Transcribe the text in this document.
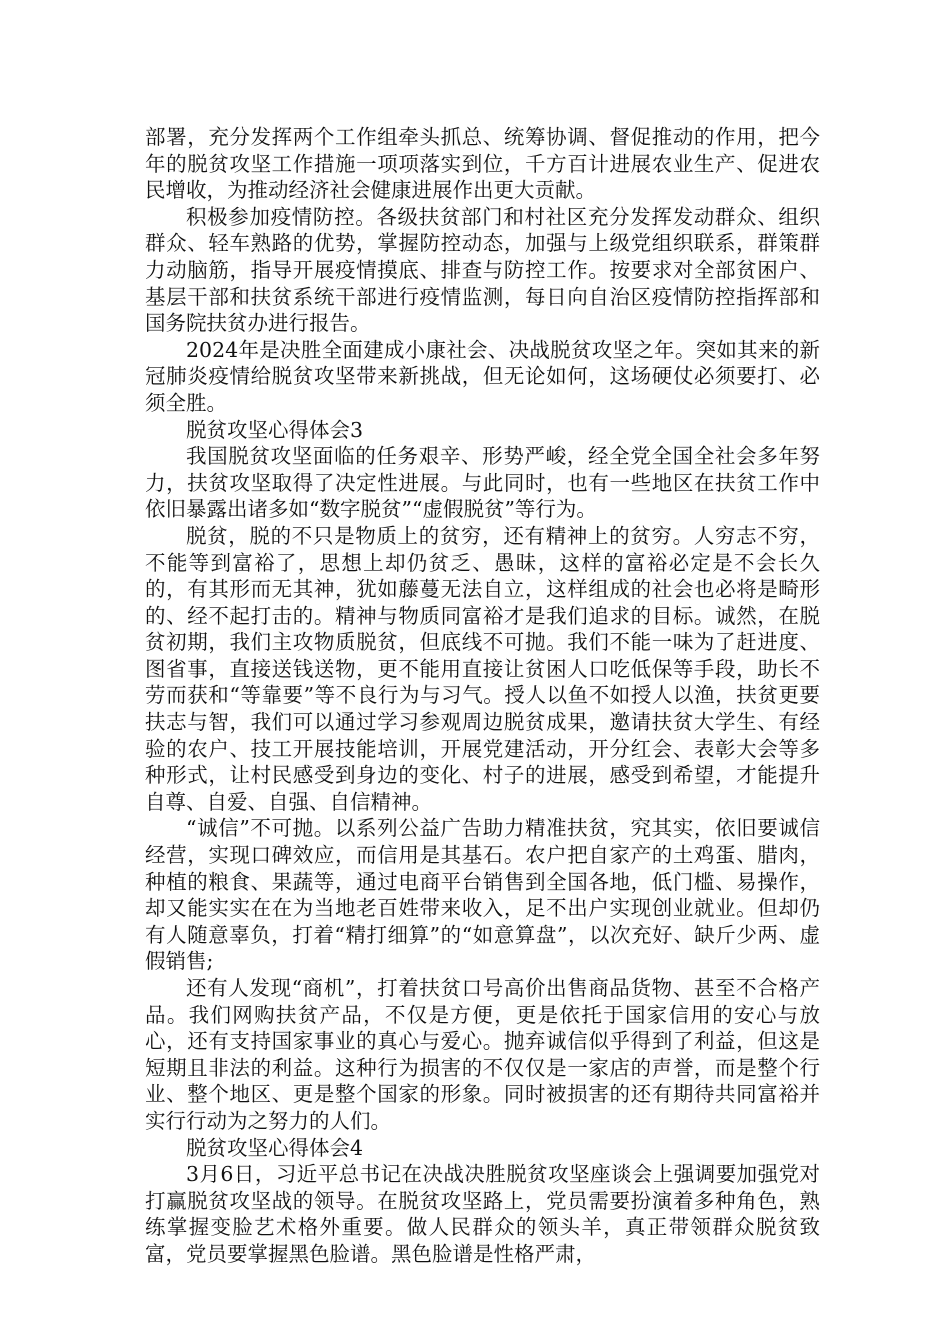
部署，充分发挥两个工作组牵头抓总、统筹协调、督促推动的作用，把今年的脱贫攻坚工作措施一项项落实到位，千方百计进展农业生产、促进农民增收，为推动经济社会健康进展作出更大贡献。

积极参加疫情防控。各级扶贫部门和村社区充分发挥发动群众、组织群众、轻车熟路的优势，掌握防控动态，加强与上级党组织联系，群策群力动脑筋，指导开展疫情摸底、排查与防控工作。按要求对全部贫困户、基层干部和扶贫系统干部进行疫情监测，每日向自治区疫情防控指挥部和国务院扶贫办进行报告。

2024年是决胜全面建成小康社会、决战脱贫攻坚之年。突如其来的新冠肺炎疫情给脱贫攻坚带来新挑战，但无论如何，这场硬仗必须要打、必须全胜。

脱贫攻坚心得体会3

我国脱贫攻坚面临的任务艰辛、形势严峻，经全党全国全社会多年努力，扶贫攻坚取得了决定性进展。与此同时，也有一些地区在扶贫工作中依旧暴露出诸多如“数字脱贫”“虚假脱贫”等行为。

脱贫，脱的不只是物质上的贫穷，还有精神上的贫穷。人穷志不穷，不能等到富裕了，思想上却仍贫乏、愚昧，这样的富裕必定是不会长久的，有其形而无其神，犹如藤蔓无法自立，这样组成的社会也必将是畸形的、经不起打击的。精神与物质同富裕才是我们追求的目标。诚然，在脱贫初期，我们主攻物质脱贫，但底线不可抛。我们不能一味为了赶进度、图省事，直接送钱送物，更不能用直接让贫困人口吃低保等手段，助长不劳而获和“等靠要”等不良行为与习气。授人以鱼不如授人以渔，扶贫更要扶志与智，我们可以通过学习参观周边脱贫成果，邀请扶贫大学生、有经验的农户、技工开展技能培训，开展党建活动，开分红会、表彰大会等多种形式，让村民感受到身边的变化、村子的进展，感受到希望，才能提升自尊、自爱、自强、自信精神。

“诚信”不可抛。以系列公益广告助力精准扶贫，究其实，依旧要诚信经营，实现口碑效应，而信用是其基石。农户把自家产的土鸡蛋、腊肉，种植的粮食、果蔬等，通过电商平台销售到全国各地，低门槛、易操作，却又能实实在在为当地老百姓带来收入，足不出户实现创业就业。但却仍有人随意辜负，打着“精打细算”的“如意算盘”，以次充好、缺斤少两、虚假销售;

还有人发现“商机”，打着扶贫口号高价出售商品货物、甚至不合格产品。我们网购扶贫产品，不仅是方便，更是依托于国家信用的安心与放心，还有支持国家事业的真心与爱心。抛弃诚信似乎得到了利益，但这是短期且非法的利益。这种行为损害的不仅仅是一家店的声誉，而是整个行业、整个地区、更是整个国家的形象。同时被损害的还有期待共同富裕并实行行动为之努力的人们。

脱贫攻坚心得体会4

3月6日，习近平总书记在决战决胜脱贫攻坚座谈会上强调要加强党对打赢脱贫攻坚战的领导。在脱贫攻坚路上，党员需要扮演着多种角色，熟练掌握变脸艺术格外重要。做人民群众的领头羊，真正带领群众脱贫致富，党员要掌握黑色脸谱。黑色脸谱是性格严肃，
